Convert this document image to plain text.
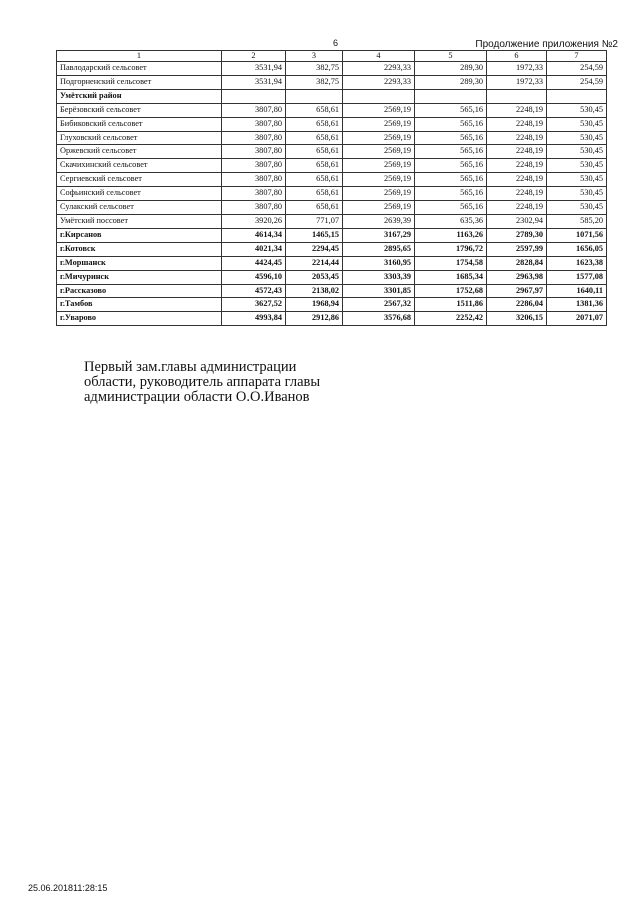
6	Продолжение приложения №2
1	2	3	4	5	6	7
Павлодарский сельсовет	3531,94	382,75	2293,33	289,30	1972,33	254,59
Подгорненский сельсовет	3531,94	382,75	2293,33	289,30	1972,33	254,59
Умётский район						
Берёзовский сельсовет	3807,80	658,61	2569,19	565,16	2248,19	530,45
Бибиковский сельсовет	3807,80	658,61	2569,19	565,16	2248,19	530,45
Глуховский сельсовет	3807,80	658,61	2569,19	565,16	2248,19	530,45
Оржевский сельсовет	3807,80	658,61	2569,19	565,16	2248,19	530,45
Скачихинский сельсовет	3807,80	658,61	2569,19	565,16	2248,19	530,45
Сергиевский сельсовет	3807,80	658,61	2569,19	565,16	2248,19	530,45
Софьинский сельсовет	3807,80	658,61	2569,19	565,16	2248,19	530,45
Сулакский сельсовет	3807,80	658,61	2569,19	565,16	2248,19	530,45
Умётский поссовет	3920,26	771,07	2639,39	635,36	2302,94	585,20
г.Кирсанов	4614,34	1465,15	3167,29	1163,26	2789,30	1071,56
г.Котовск	4021,34	2294,45	2895,65	1796,72	2597,99	1656,05
г.Моршанск	4424,45	2214,44	3160,95	1754,58	2828,84	1623,38
г.Мичуринск	4596,10	2053,45	3303,39	1685,34	2963,98	1577,08
г.Рассказово	4572,43	2138,02	3301,85	1752,68	2967,97	1640,11
г.Тамбов	3627,52	1968,94	2567,32	1511,86	2286,04	1381,36
г.Уварово	4993,84	2912,86	3576,68	2252,42	3206,15	2071,07
Первый зам.главы администрации
области, руководитель аппарата главы
администрации области О.О.Иванов
25.06.201811:28:15
